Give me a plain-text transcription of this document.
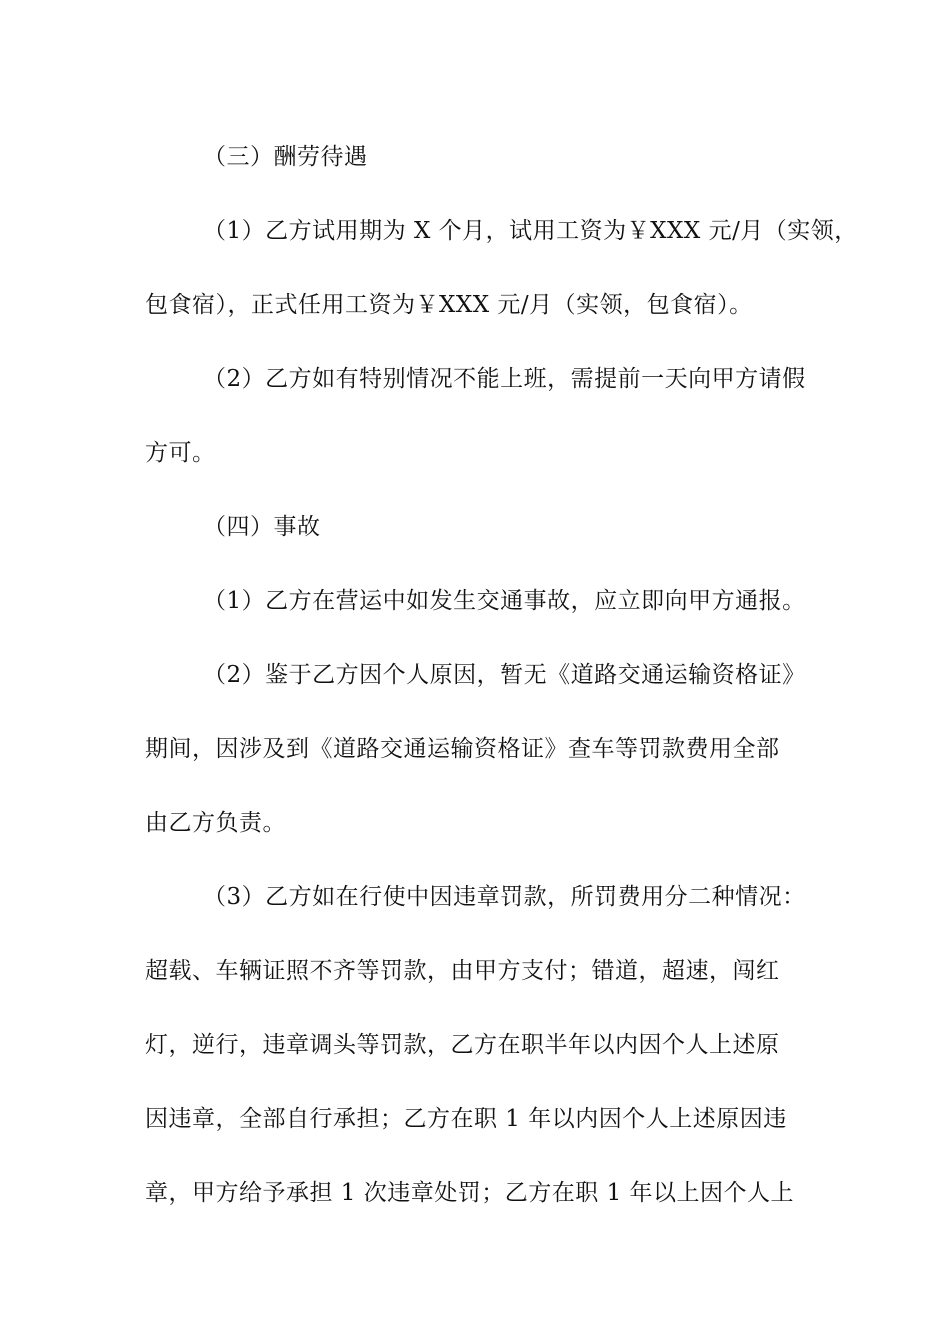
（三）酬劳待遇
（1）乙方试用期为 X 个月，试用工资为￥XXX 元/月（实领，
包食宿），正式任用工资为￥XXX 元/月（实领，包食宿）。
（2）乙方如有特别情况不能上班，需提前一天向甲方请假
方可。
（四）事故
（1）乙方在营运中如发生交通事故，应立即向甲方通报。
（2）鉴于乙方因个人原因，暂无《道路交通运输资格证》
期间，因涉及到《道路交通运输资格证》查车等罚款费用全部
由乙方负责。
（3）乙方如在行使中因违章罚款，所罚费用分二种情况：
超载、车辆证照不齐等罚款，由甲方支付；错道，超速，闯红
灯，逆行，违章调头等罚款，乙方在职半年以内因个人上述原
因违章，全部自行承担；乙方在职 1 年以内因个人上述原因违
章，甲方给予承担 1 次违章处罚；乙方在职 1 年以上因个人上
